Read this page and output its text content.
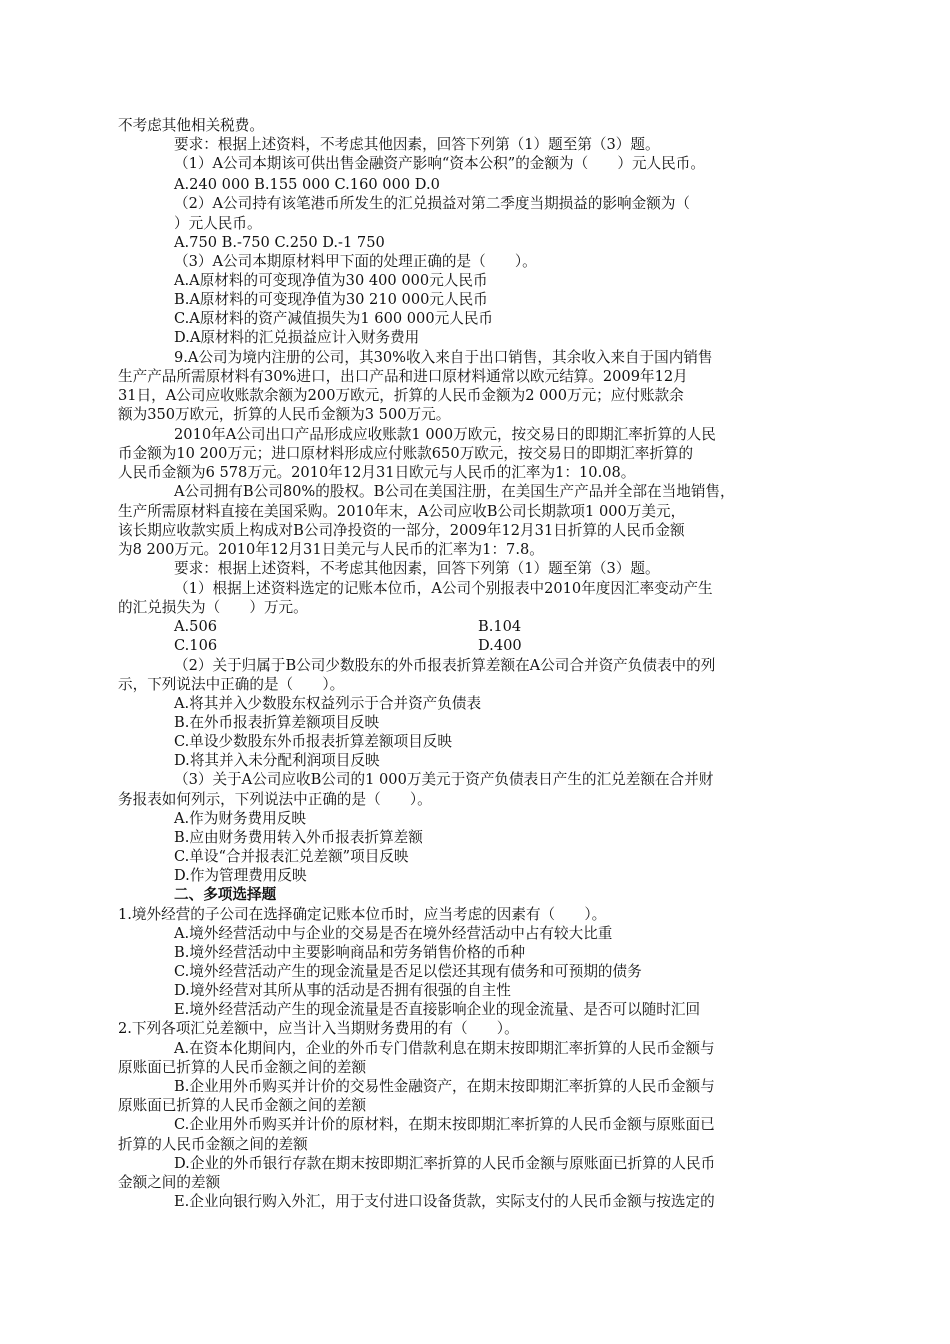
不考虑其他相关税费。
要求：根据上述资料，不考虑其他因素，回答下列第（1）题至第（3）题。
（1）A公司本期该可供出售金融资产影响“资本公积”的金额为（　　）元人民币。
A.240 000 B.155 000 C.160 000 D.0
（2）A公司持有该笔港币所发生的汇兑损益对第二季度当期损益的影响金额为（
）元人民币。
A.750 B.-750 C.250 D.-1 750
（3）A公司本期原材料甲下面的处理正确的是（　　）。
A.A原材料的可变现净值为30 400 000元人民币
B.A原材料的可变现净值为30 210 000元人民币
C.A原材料的资产减值损失为1 600 000元人民币
D.A原材料的汇兑损益应计入财务费用
9.A公司为境内注册的公司，其30%收入来自于出口销售，其余收入来自于国内销售
生产产品所需原材料有30%进口，出口产品和进口原材料通常以欧元结算。2009年12月
31日，A公司应收账款余额为200万欧元，折算的人民币金额为2 000万元；应付账款余
额为350万欧元，折算的人民币金额为3 500万元。
2010年A公司出口产品形成应收账款1 000万欧元，按交易日的即期汇率折算的人民
币金额为10 200万元；进口原材料形成应付账款650万欧元，按交易日的即期汇率折算的
人民币金额为6 578万元。2010年12月31日欧元与人民币的汇率为1：10.08。
A公司拥有B公司80%的股权。B公司在美国注册，在美国生产产品并全部在当地销售，
生产所需原材料直接在美国采购。2010年末，A公司应收B公司长期款项1 000万美元，
该长期应收款实质上构成对B公司净投资的一部分，2009年12月31日折算的人民币金额
为8 200万元。2010年12月31日美元与人民币的汇率为1：7.8。
要求：根据上述资料，不考虑其他因素，回答下列第（1）题至第（3）题。
（1）根据上述资料选定的记账本位币，A公司个别报表中2010年度因汇率变动产生
的汇兑损失为（　　）万元。
A.506	B.104
C.106	D.400
（2）关于归属于B公司少数股东的外币报表折算差额在A公司合并资产负债表中的列
示，下列说法中正确的是（　　）。
A.将其并入少数股东权益列示于合并资产负债表
B.在外币报表折算差额项目反映
C.单设少数股东外币报表折算差额项目反映
D.将其并入未分配利润项目反映
（3）关于A公司应收B公司的1 000万美元于资产负债表日产生的汇兑差额在合并财
务报表如何列示，下列说法中正确的是（　　）。
A.作为财务费用反映
B.应由财务费用转入外币报表折算差额
C.单设“合并报表汇兑差额”项目反映
D.作为管理费用反映
二、多项选择题
1.境外经营的子公司在选择确定记账本位币时，应当考虑的因素有（　　）。
A.境外经营活动中与企业的交易是否在境外经营活动中占有较大比重
B.境外经营活动中主要影响商品和劳务销售价格的币种
C.境外经营活动产生的现金流量是否足以偿还其现有债务和可预期的债务
D.境外经营对其所从事的活动是否拥有很强的自主性
E.境外经营活动产生的现金流量是否直接影响企业的现金流量、是否可以随时汇回
2.下列各项汇兑差额中，应当计入当期财务费用的有（　　）。
A.在资本化期间内，企业的外币专门借款利息在期末按即期汇率折算的人民币金额与
原账面已折算的人民币金额之间的差额
B.企业用外币购买并计价的交易性金融资产，在期末按即期汇率折算的人民币金额与
原账面已折算的人民币金额之间的差额
C.企业用外币购买并计价的原材料，在期末按即期汇率折算的人民币金额与原账面已
折算的人民币金额之间的差额
D.企业的外币银行存款在期末按即期汇率折算的人民币金额与原账面已折算的人民币
金额之间的差额
E.企业向银行购入外汇，用于支付进口设备货款，实际支付的人民币金额与按选定的
